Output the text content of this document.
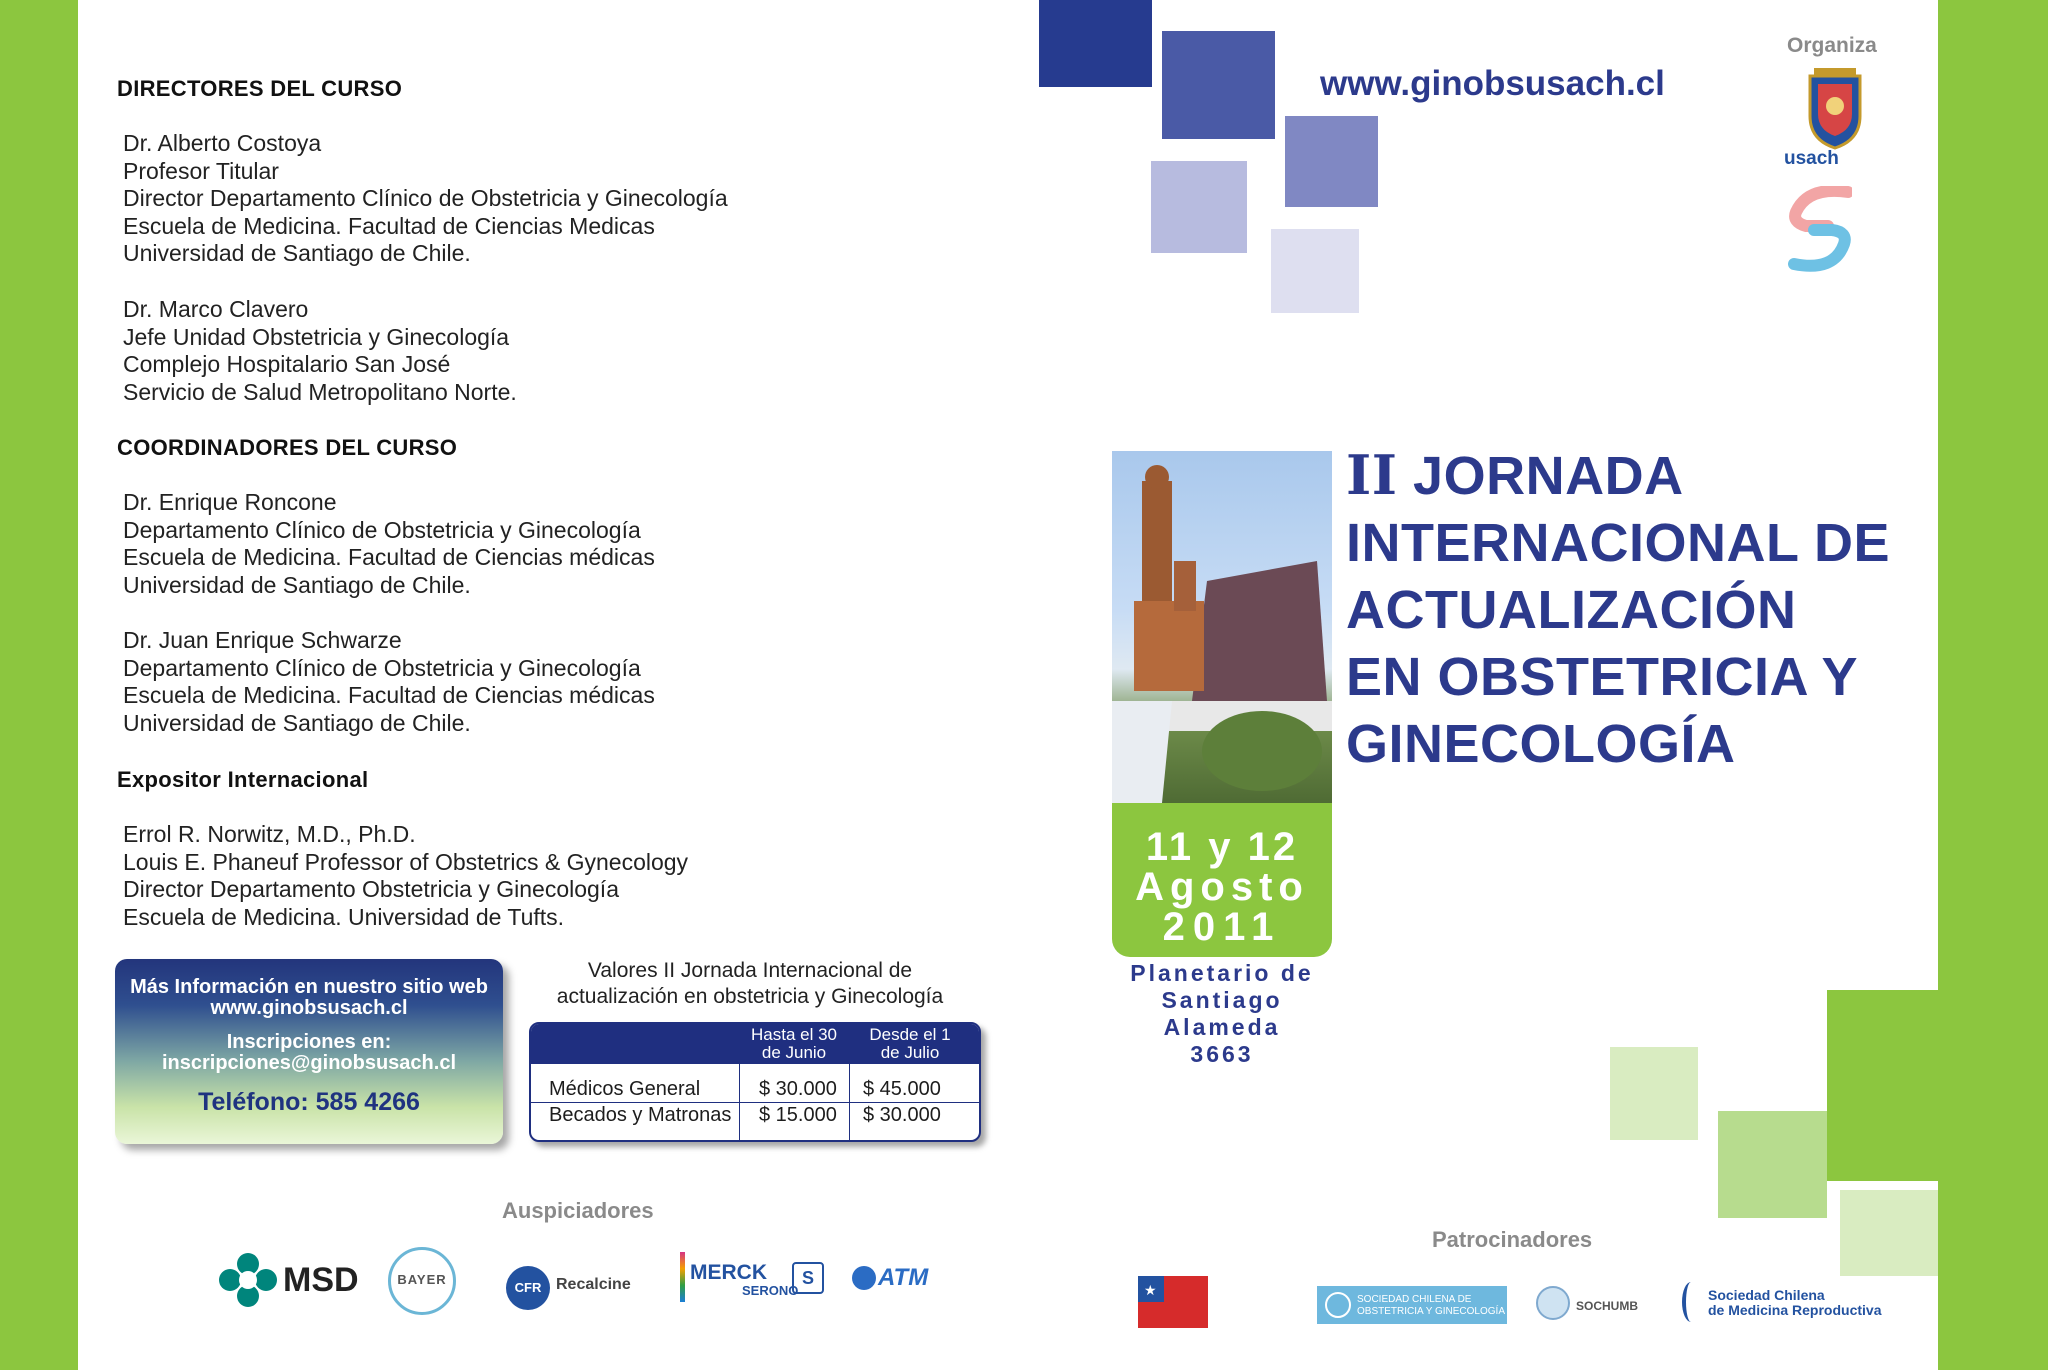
DIRECTORES DEL CURSO
Dr. Alberto Costoya
Profesor Titular
Director Departamento Clínico de Obstetricia y Ginecología
Escuela de Medicina. Facultad de Ciencias Medicas
Universidad de Santiago de Chile.
Dr. Marco Clavero
Jefe Unidad Obstetricia y Ginecología
Complejo Hospitalario San José
Servicio de Salud Metropolitano Norte.
COORDINADORES DEL CURSO
Dr. Enrique Roncone
Departamento Clínico de Obstetricia y Ginecología
Escuela de Medicina. Facultad de Ciencias médicas
Universidad de Santiago de Chile.
Dr. Juan Enrique Schwarze
Departamento Clínico de Obstetricia y Ginecología
Escuela de Medicina. Facultad de Ciencias médicas
Universidad de Santiago de Chile.
Expositor Internacional
Errol R. Norwitz, M.D., Ph.D.
Louis E. Phaneuf Professor of Obstetrics & Gynecology
Director Departamento Obstetricia y Ginecología
Escuela de Medicina. Universidad de Tufts.
Más Información en nuestro sitio web
www.ginobsusach.cl
Inscripciones en:
inscripciones@ginobsusach.cl
Teléfono: 585 4266
Valores II Jornada Internacional de
actualización en obstetricia y Ginecología
Hasta el 30
de Junio
Desde el 1
de Julio
Médicos General	$ 30.000 $ 45.000
Becados y Matronas $ 15.000 $ 30.000
Auspiciadores
MSD	BAYER
CFR Recalcine
MERCK
SERONO
S	ATM
www.ginobsusach.cl
Organiza
usach
11 y 12
Agosto
2011
Planetario de
Santiago
Alameda
3663
II JORNADA
INTERNACIONAL DE
ACTUALIZACIÓN
EN OBSTETRICIA Y
GINECOLOGÍA
Patrocinadores
★
SOCIEDAD CHILENA DE OBSTETRICIA Y GINECOLOGÍA	SOCHUMB
Sociedad Chilena
de Medicina Reproductiva
